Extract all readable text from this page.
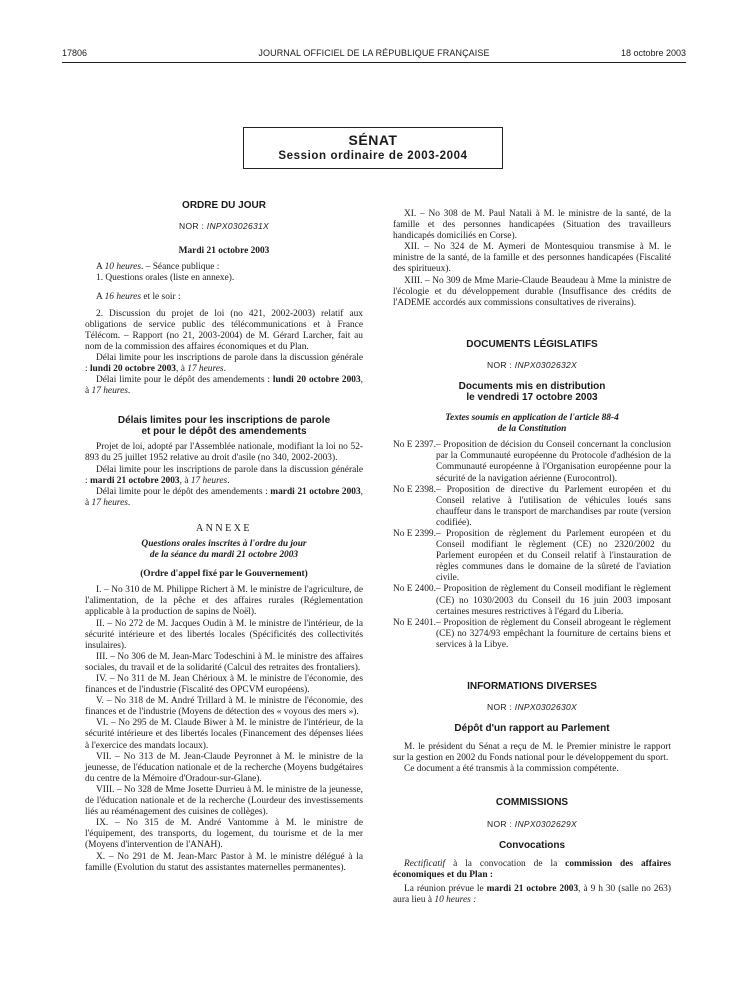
17806	JOURNAL OFFICIEL DE LA RÉPUBLIQUE FRANÇAISE	18 octobre 2003
SÉNAT
Session ordinaire de 2003-2004
ORDRE DU JOUR
NOR : INPX0302631X
Mardi 21 octobre 2003

A 10 heures. – Séance publique :

1. Questions orales (liste en annexe).

A 16 heures et le soir :

2. Discussion du projet de loi (no 421, 2002-2003) relatif aux obligations de service public des télécommunications et à France Télécom. – Rapport (no 21, 2003-2004) de M. Gérard Larcher, fait au nom de la commission des affaires économiques et du Plan.

Délai limite pour les inscriptions de parole dans la discussion générale : lundi 20 octobre 2003, à 17 heures.

Délai limite pour le dépôt des amendements : lundi 20 octobre 2003, à 17 heures.

Délais limites pour les inscriptions de parole
et pour le dépôt des amendements

Projet de loi, adopté par l'Assemblée nationale, modifiant la loi no 52-893 du 25 juillet 1952 relative au droit d'asile (no 340, 2002-2003).

Délai limite pour les inscriptions de parole dans la discussion générale : mardi 21 octobre 2003, à 17 heures.

Délai limite pour le dépôt des amendements : mardi 21 octobre 2003, à 17 heures.

ANNEXE
Questions orales inscrites à l'ordre du jour
de la séance du mardi 21 octobre 2003
(Ordre d'appel fixé par le Gouvernement)

I. – No 310 de M. Philippe Richert à M. le ministre de l'agriculture, de l'alimentation, de la pêche et des affaires rurales (Réglementation applicable à la production de sapins de Noël).

II. – No 272 de M. Jacques Oudin à M. le ministre de l'intérieur, de la sécurité intérieure et des libertés locales (Spécificités des collectivités insulaires).

III. – No 306 de M. Jean-Marc Todeschini à M. le ministre des affaires sociales, du travail et de la solidarité (Calcul des retraites des frontaliers).

IV. – No 311 de M. Jean Chérioux à M. le ministre de l'économie, des finances et de l'industrie (Fiscalité des OPCVM européens).

V. – No 318 de M. André Trillard à M. le ministre de l'économie, des finances et de l'industrie (Moyens de détection des « voyous des mers »).

VI. – No 295 de M. Claude Biwer à M. le ministre de l'intérieur, de la sécurité intérieure et des libertés locales (Financement des dépenses liées à l'exercice des mandats locaux).

VII. – No 313 de M. Jean-Claude Peyronnet à M. le ministre de la jeunesse, de l'éducation nationale et de la recherche (Moyens budgétaires du centre de la Mémoire d'Oradour-sur-Glane).

VIII. – No 328 de Mme Josette Durrieu à M. le ministre de la jeunesse, de l'éducation nationale et de la recherche (Lourdeur des investissements liés au réaménagement des cuisines de collèges).

IX. – No 315 de M. André Vantomme à M. le ministre de l'équipement, des transports, du logement, du tourisme et de la mer (Moyens d'intervention de l'ANAH).

X. – No 291 de M. Jean-Marc Pastor à M. le ministre délégué à la famille (Evolution du statut des assistantes maternelles permanentes).

XI. – No 308 de M. Paul Natali à M. le ministre de la santé, de la famille et des personnes handicapées (Situation des travailleurs handicapés domiciliés en Corse).

XII. – No 324 de M. Aymeri de Montesquiou transmise à M. le ministre de la santé, de la famille et des personnes handicapées (Fiscalité des spiritueux).

XIII. – No 309 de Mme Marie-Claude Beaudeau à Mme la ministre de l'écologie et du développement durable (Insuffisance des crédits de l'ADEME accordés aux commissions consultatives de riverains).

DOCUMENTS LÉGISLATIFS
NOR : INPX0302632X
Documents mis en distribution
le vendredi 17 octobre 2003
Textes soumis en application de l'article 88-4
de la Constitution
No E 2397. – Proposition de décision du Conseil concernant la conclusion par la Communauté européenne du Protocole d'adhésion de la Communauté européenne à l'Organisation européenne pour la sécurité de la navigation aérienne (Eurocontrol).
No E 2398. – Proposition de directive du Parlement européen et du Conseil relative à l'utilisation de véhicules loués sans chauffeur dans le transport de marchandises par route (version codifiée).
No E 2399. – Proposition de règlement du Parlement européen et du Conseil modifiant le règlement (CE) no 2320/2002 du Parlement européen et du Conseil relatif à l'instauration de règles communes dans le domaine de la sûreté de l'aviation civile.
No E 2400. – Proposition de règlement du Conseil modifiant le règlement (CE) no 1030/2003 du Conseil du 16 juin 2003 imposant certaines mesures restrictives à l'égard du Liberia.
No E 2401. – Proposition de règlement du Conseil abrogeant le règlement (CE) no 3274/93 empêchant la fourniture de certains biens et services à la Libye.
INFORMATIONS DIVERSES
NOR : INPX0302630X
Dépôt d'un rapport au Parlement

M. le président du Sénat a reçu de M. le Premier ministre le rapport sur la gestion en 2002 du Fonds national pour le développement du sport.

Ce document a été transmis à la commission compétente.

COMMISSIONS
NOR : INPX0302629X
Convocations

Rectificatif à la convocation de la commission des affaires économiques et du Plan :

La réunion prévue le mardi 21 octobre 2003, à 9 h 30 (salle no 263) aura lieu à 10 heures :
